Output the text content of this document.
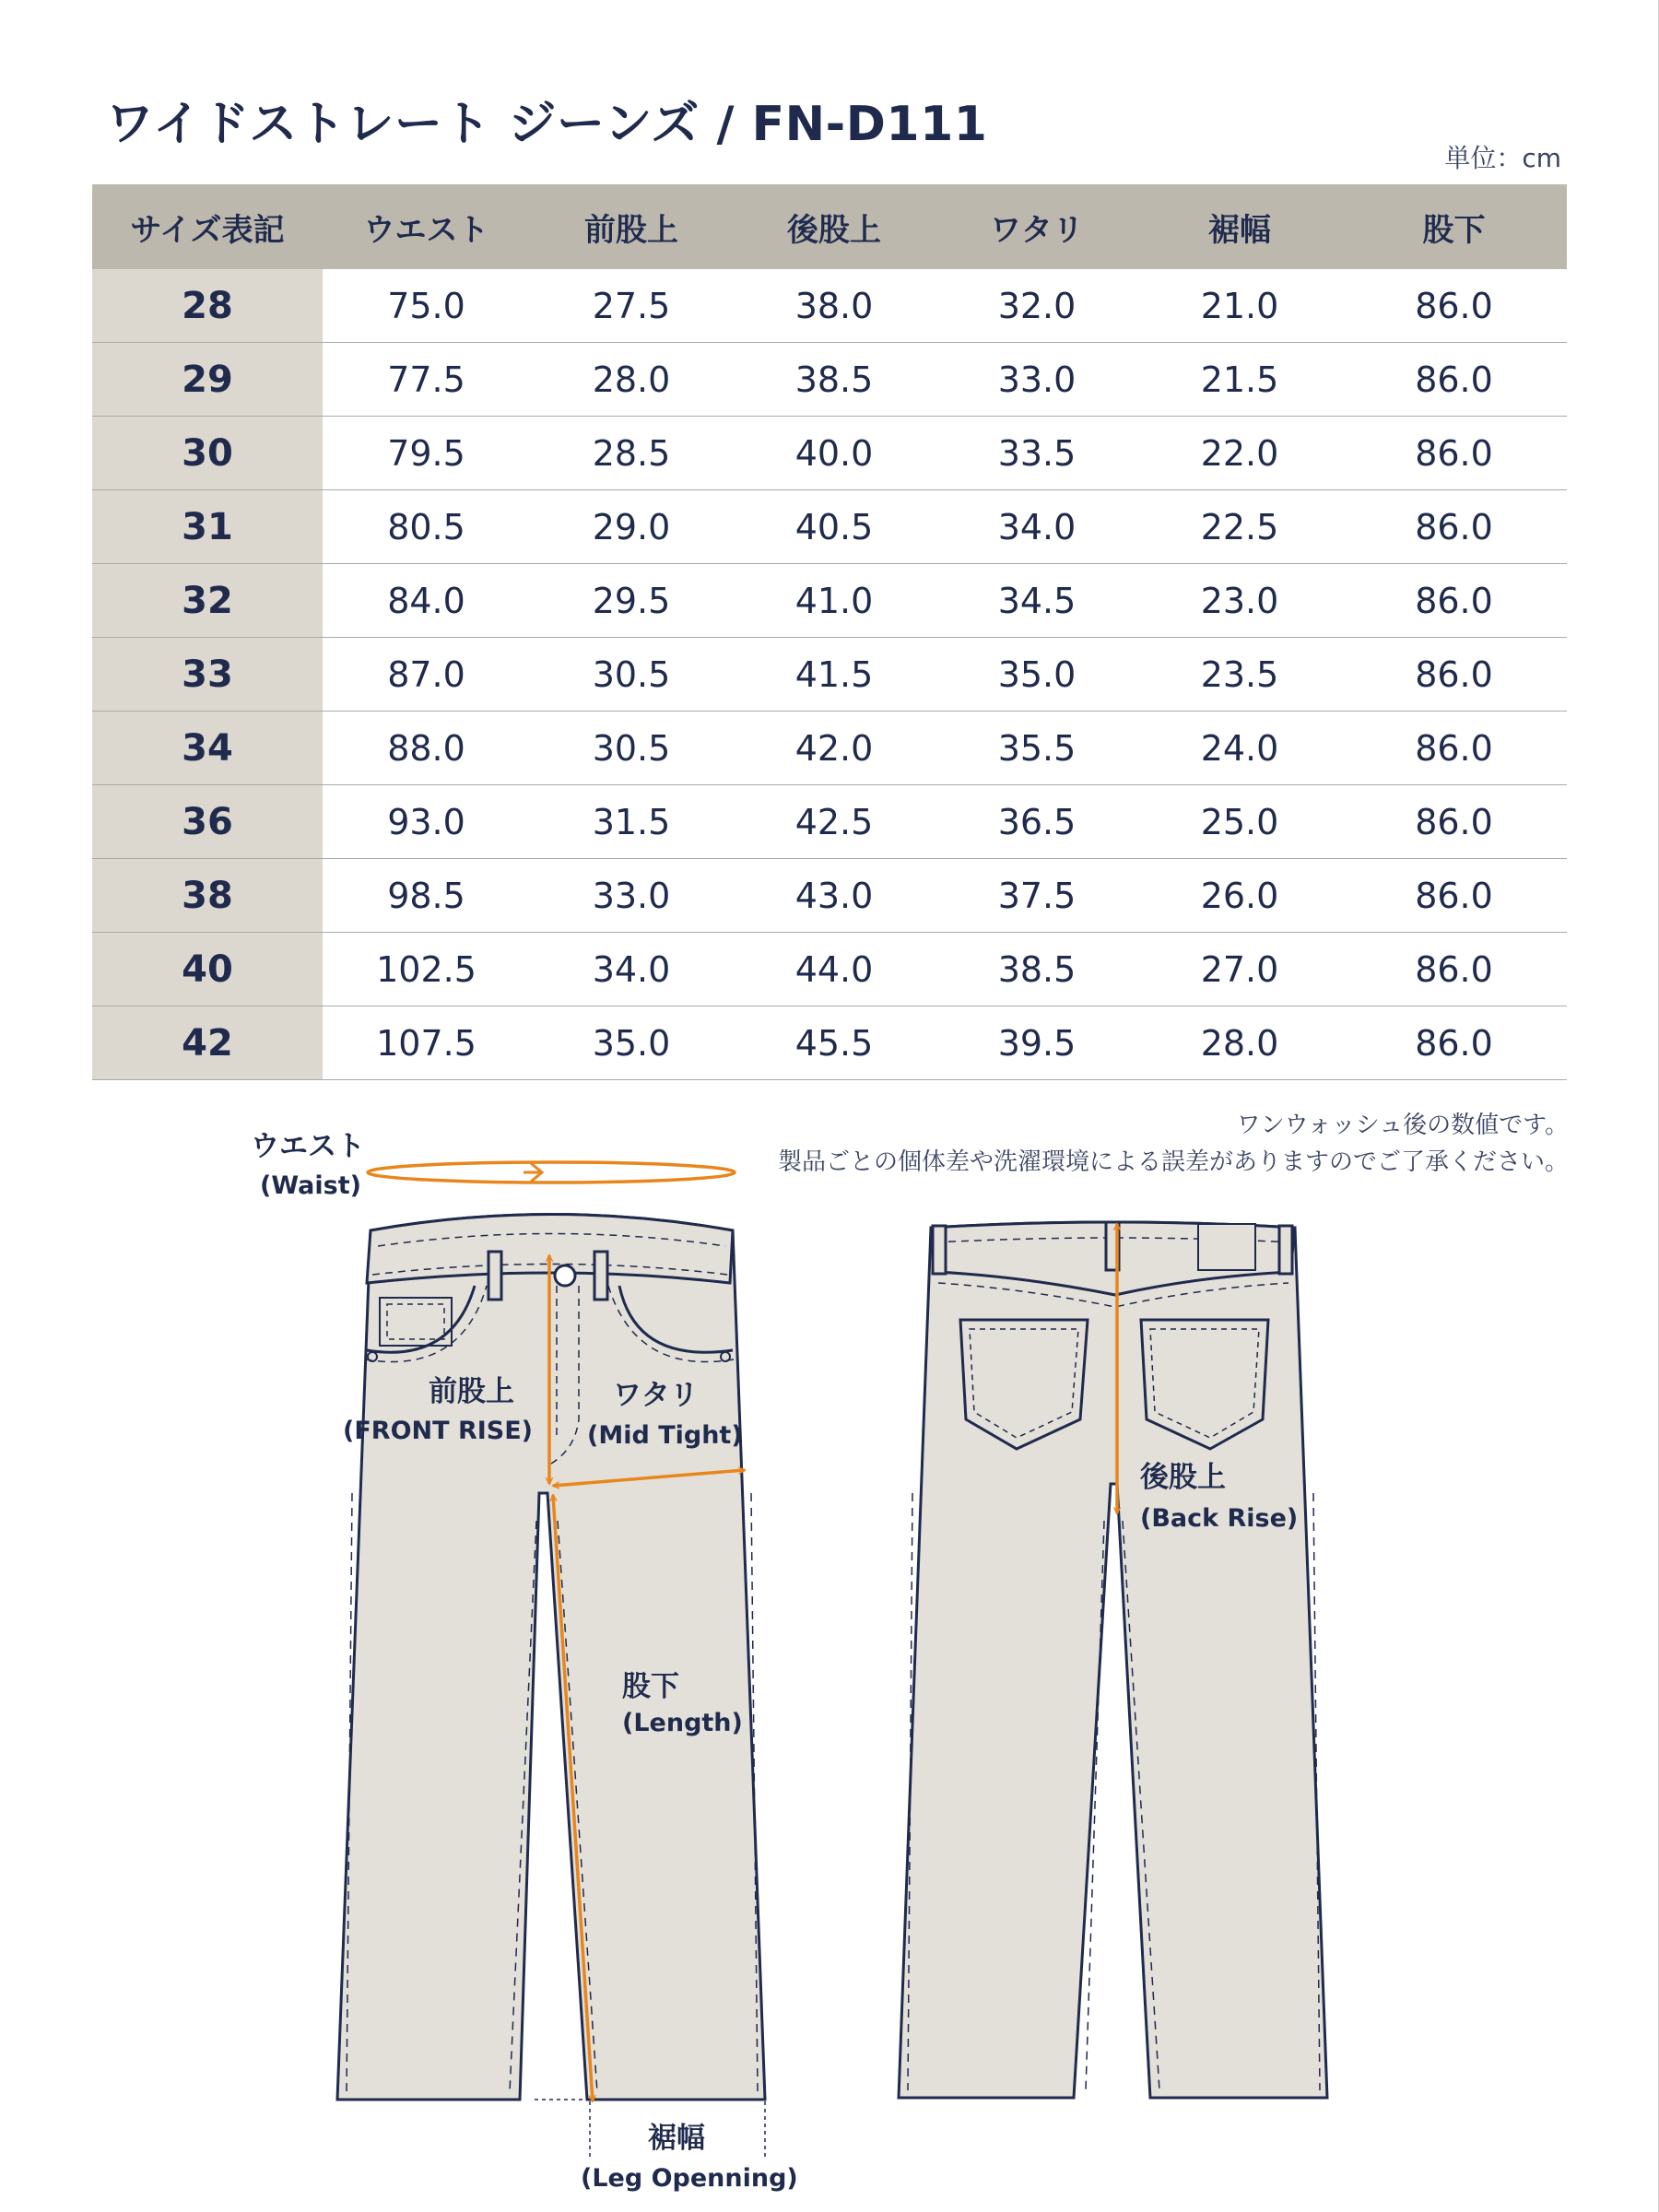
ワイドストレート ジーンズ / FN-D111
単位：cm
サイズ表記	ウエスト	前股上	後股上	ワタリ	裾幅	股下
28	75.0	27.5	38.0	32.0	21.0	86.0
29	77.5	28.0	38.5	33.0	21.5	86.0
30	79.5	28.5	40.0	33.5	22.0	86.0
31	80.5	29.0	40.5	34.0	22.5	86.0
32	84.0	29.5	41.0	34.5	23.0	86.0
33	87.0	30.5	41.5	35.0	23.5	86.0
34	88.0	30.5	42.0	35.5	24.0	86.0
36	93.0	31.5	42.5	36.5	25.0	86.0
38	98.5	33.0	43.0	37.5	26.0	86.0
40	102.5	34.0	44.0	38.5	27.0	86.0
42	107.5	35.0	45.5	39.5	28.0	86.0

ワンウォッシュ後の数値です。

製品ごとの個体差や洗濯環境による誤差がありますのでご了承ください。

ウエスト
(Waist)
前股上
(FRONT RISE)
ワタリ
(Mid Tight)
股下
(Length)
裾幅
(Leg Openning)
後股上
(Back Rise)
